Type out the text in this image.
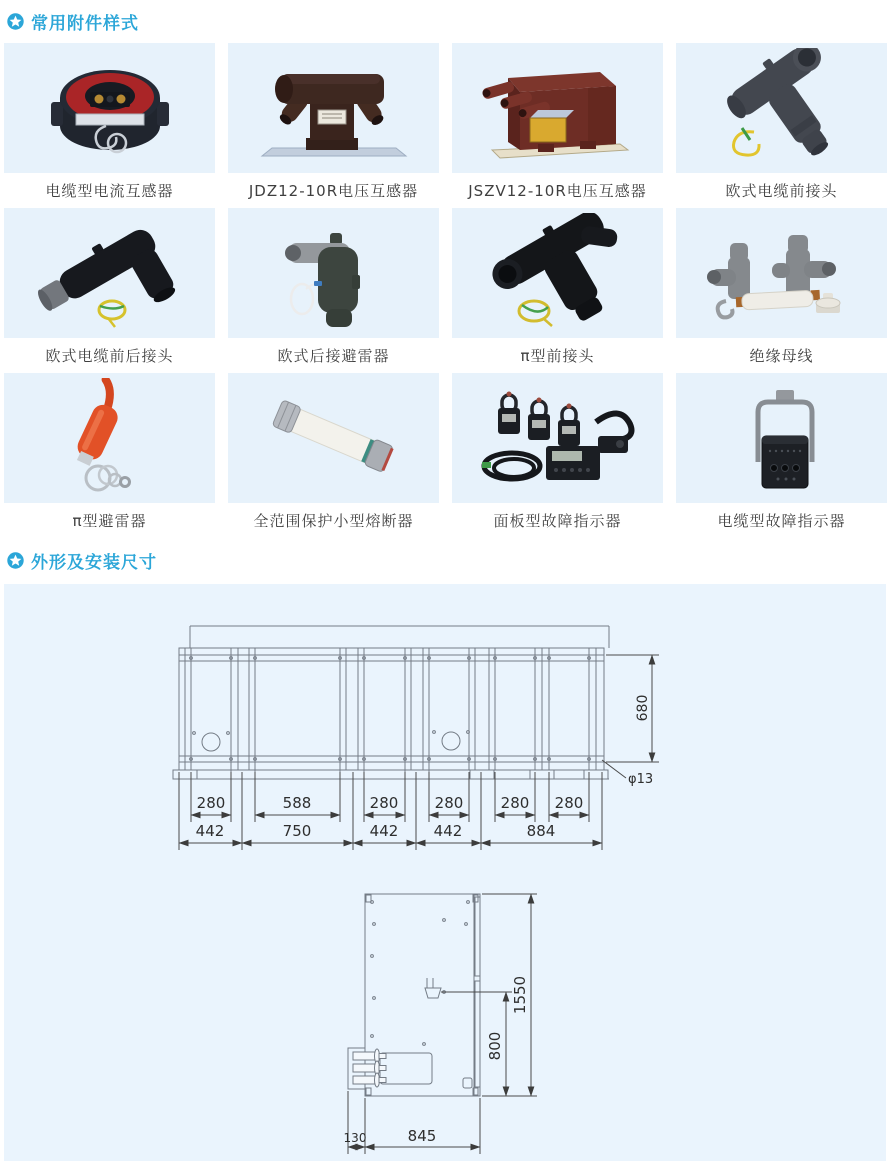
常用附件样式
电缆型电流互感器	JDZ12-10R电压互感器	JSZV12-10R电压互感器	欧式电缆前接头
欧式电缆前后接头	欧式后接避雷器	π型前接头	绝缘母线
π型避雷器	全范围保护小型熔断器	面板型故障指示器	电缆型故障指示器
外形及安装尺寸
280	588	280 280 280 280
442	750	442 442	884
680
φ13
1550
800
845
130
